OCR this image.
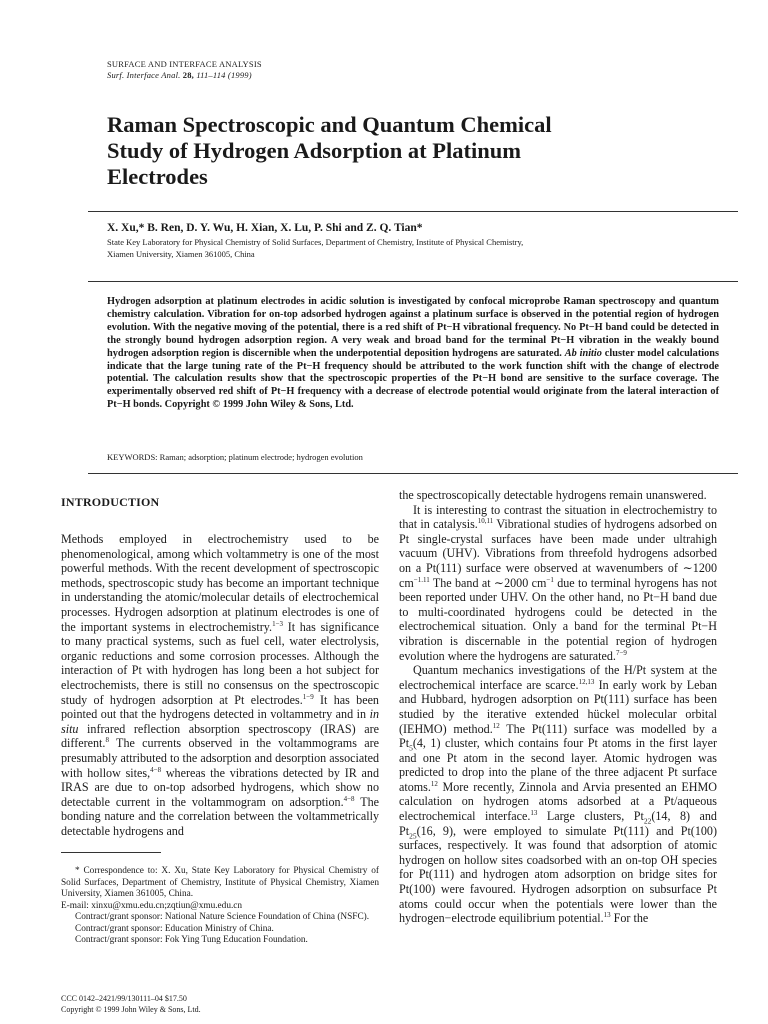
SURFACE AND INTERFACE ANALYSIS
Surf. Interface Anal. 28, 111–114 (1999)
Raman Spectroscopic and Quantum Chemical
Study of Hydrogen Adsorption at Platinum
Electrodes
X. Xu,* B. Ren, D. Y. Wu, H. Xian, X. Lu, P. Shi and Z. Q. Tian*
State Key Laboratory for Physical Chemistry of Solid Surfaces, Department of Chemistry, Institute of Physical Chemistry,
Xiamen University, Xiamen 361005, China

Hydrogen adsorption at platinum electrodes in acidic solution is investigated by confocal microprobe Raman spectroscopy and quantum chemistry calculation. Vibration for on-top adsorbed hydrogen against a platinum surface is observed in the potential region of hydrogen evolution. With the negative moving of the potential, there is a red shift of Pt−H vibrational frequency. No Pt−H band could be detected in the strongly bound hydrogen adsorption region. A very weak and broad band for the terminal Pt−H vibration in the weakly bound hydrogen adsorption region is discernible when the underpotential deposition hydrogens are saturated. Ab initio cluster model calculations indicate that the large tuning rate of the Pt−H frequency should be attributed to the work function shift with the change of electrode potential. The calculation results show that the spectroscopic properties of the Pt−H bond are sensitive to the surface coverage. The experimentally observed red shift of Pt−H frequency with a decrease of electrode potential would originate from the lateral interaction of Pt−H bonds. Copyright © 1999 John Wiley & Sons, Ltd.

KEYWORDS: Raman; adsorption; platinum electrode; hydrogen evolution
INTRODUCTION

Methods employed in electrochemistry used to be phenomenological, among which voltammetry is one of the most powerful methods. With the recent development of spectroscopic methods, spectroscopic study has become an important technique in understanding the atomic/molecular details of electrochemical processes. Hydrogen adsorption at platinum electrodes is one of the important systems in electrochemistry.$^{1-3}$ It has significance to many practical systems, such as fuel cell, water electrolysis, organic reductions and some corrosion processes. Although the interaction of Pt with hydrogen has long been a hot subject for electrochemists, there is still no consensus on the spectroscopic study of hydrogen adsorption at Pt electrodes.$^{1-9}$ It has been pointed out that the hydrogens detected in voltammetry and in in situ infrared reflection absorption spectroscopy (IRAS) are different.$^8$ The currents observed in the voltammograms are presumably attributed to the adsorption and desorption associated with hollow sites,$^{4-8}$ whereas the vibrations detected by IR and IRAS are due to on-top adsorbed hydrogens, which show no detectable current in the voltammogram on adsorption.$^{4-8}$ The bonding nature and the correlation between the voltammetrically detectable hydrogens and

* Correspondence to: X. Xu, State Key Laboratory for Physical Chemistry of Solid Surfaces, Department of Chemistry, Institute of Physical Chemistry, Xiamen University, Xiamen 361005, China.

E-mail: xinxu@xmu.edu.cn;zqtiun@xmu.edu.cn

Contract/grant sponsor: National Nature Science Foundation of China (NSFC).

Contract/grant sponsor: Education Ministry of China.

Contract/grant sponsor: Fok Ying Tung Education Foundation.

CCC 0142–2421/99/130111–04 $17.50
Copyright © 1999 John Wiley & Sons, Ltd.

the spectroscopically detectable hydrogens remain unanswered.

It is interesting to contrast the situation in electrochemistry to that in catalysis.$^{10,11}$ Vibrational studies of hydrogens adsorbed on Pt single-crystal surfaces have been made under ultrahigh vacuum (UHV). Vibrations from threefold hydrogens adsorbed on a Pt(111) surface were observed at wavenumbers of ∼1200 $cm^{-1.11}$ The band at ∼2000 $cm^{-1}$ due to terminal hyrogens has not been reported under UHV. On the other hand, no Pt−H band due to multi-coordinated hydrogens could be detected in the electrochemical situation. Only a band for the terminal Pt−H vibration is discernable in the potential region of hydrogen evolution where the hydrogens are saturated.$^{7-9}$

Quantum mechanics investigations of the H/Pt system at the electrochemical interface are scarce.$^{12,13}$ In early work by Leban and Hubbard, hydrogen adsorption on Pt(111) surface has been studied by the iterative extended hückel molecular orbital (IEHMO) method.$^{12}$ The Pt(111) surface was modelled by a $Pt_5(4$, 1) cluster, which contains four Pt atoms in the first layer and one Pt atom in the second layer. Atomic hydrogen was predicted to drop into the plane of the three adjacent Pt surface atoms.$^{12}$ More recently, Zinnola and Arvia presented an EHMO calculation on hydrogen atoms adsorbed at a Pt/aqueous electrochemical interface.$^{13}$ Large clusters, $Pt_{22}(14$, 8) and $Pt_{25}(16$, 9), were employed to simulate Pt(111) and Pt(100) surfaces, respectively. It was found that adsorption of atomic hydrogen on hollow sites coadsorbed with an on-top OH species for Pt(111) and hydrogen atom adsorption on bridge sites for Pt(100) were favoured. Hydrogen adsorption on subsurface Pt atoms could occur when the potentials were lower than the hydrogen−electrode equilibrium potential.$^{13}$ For the
